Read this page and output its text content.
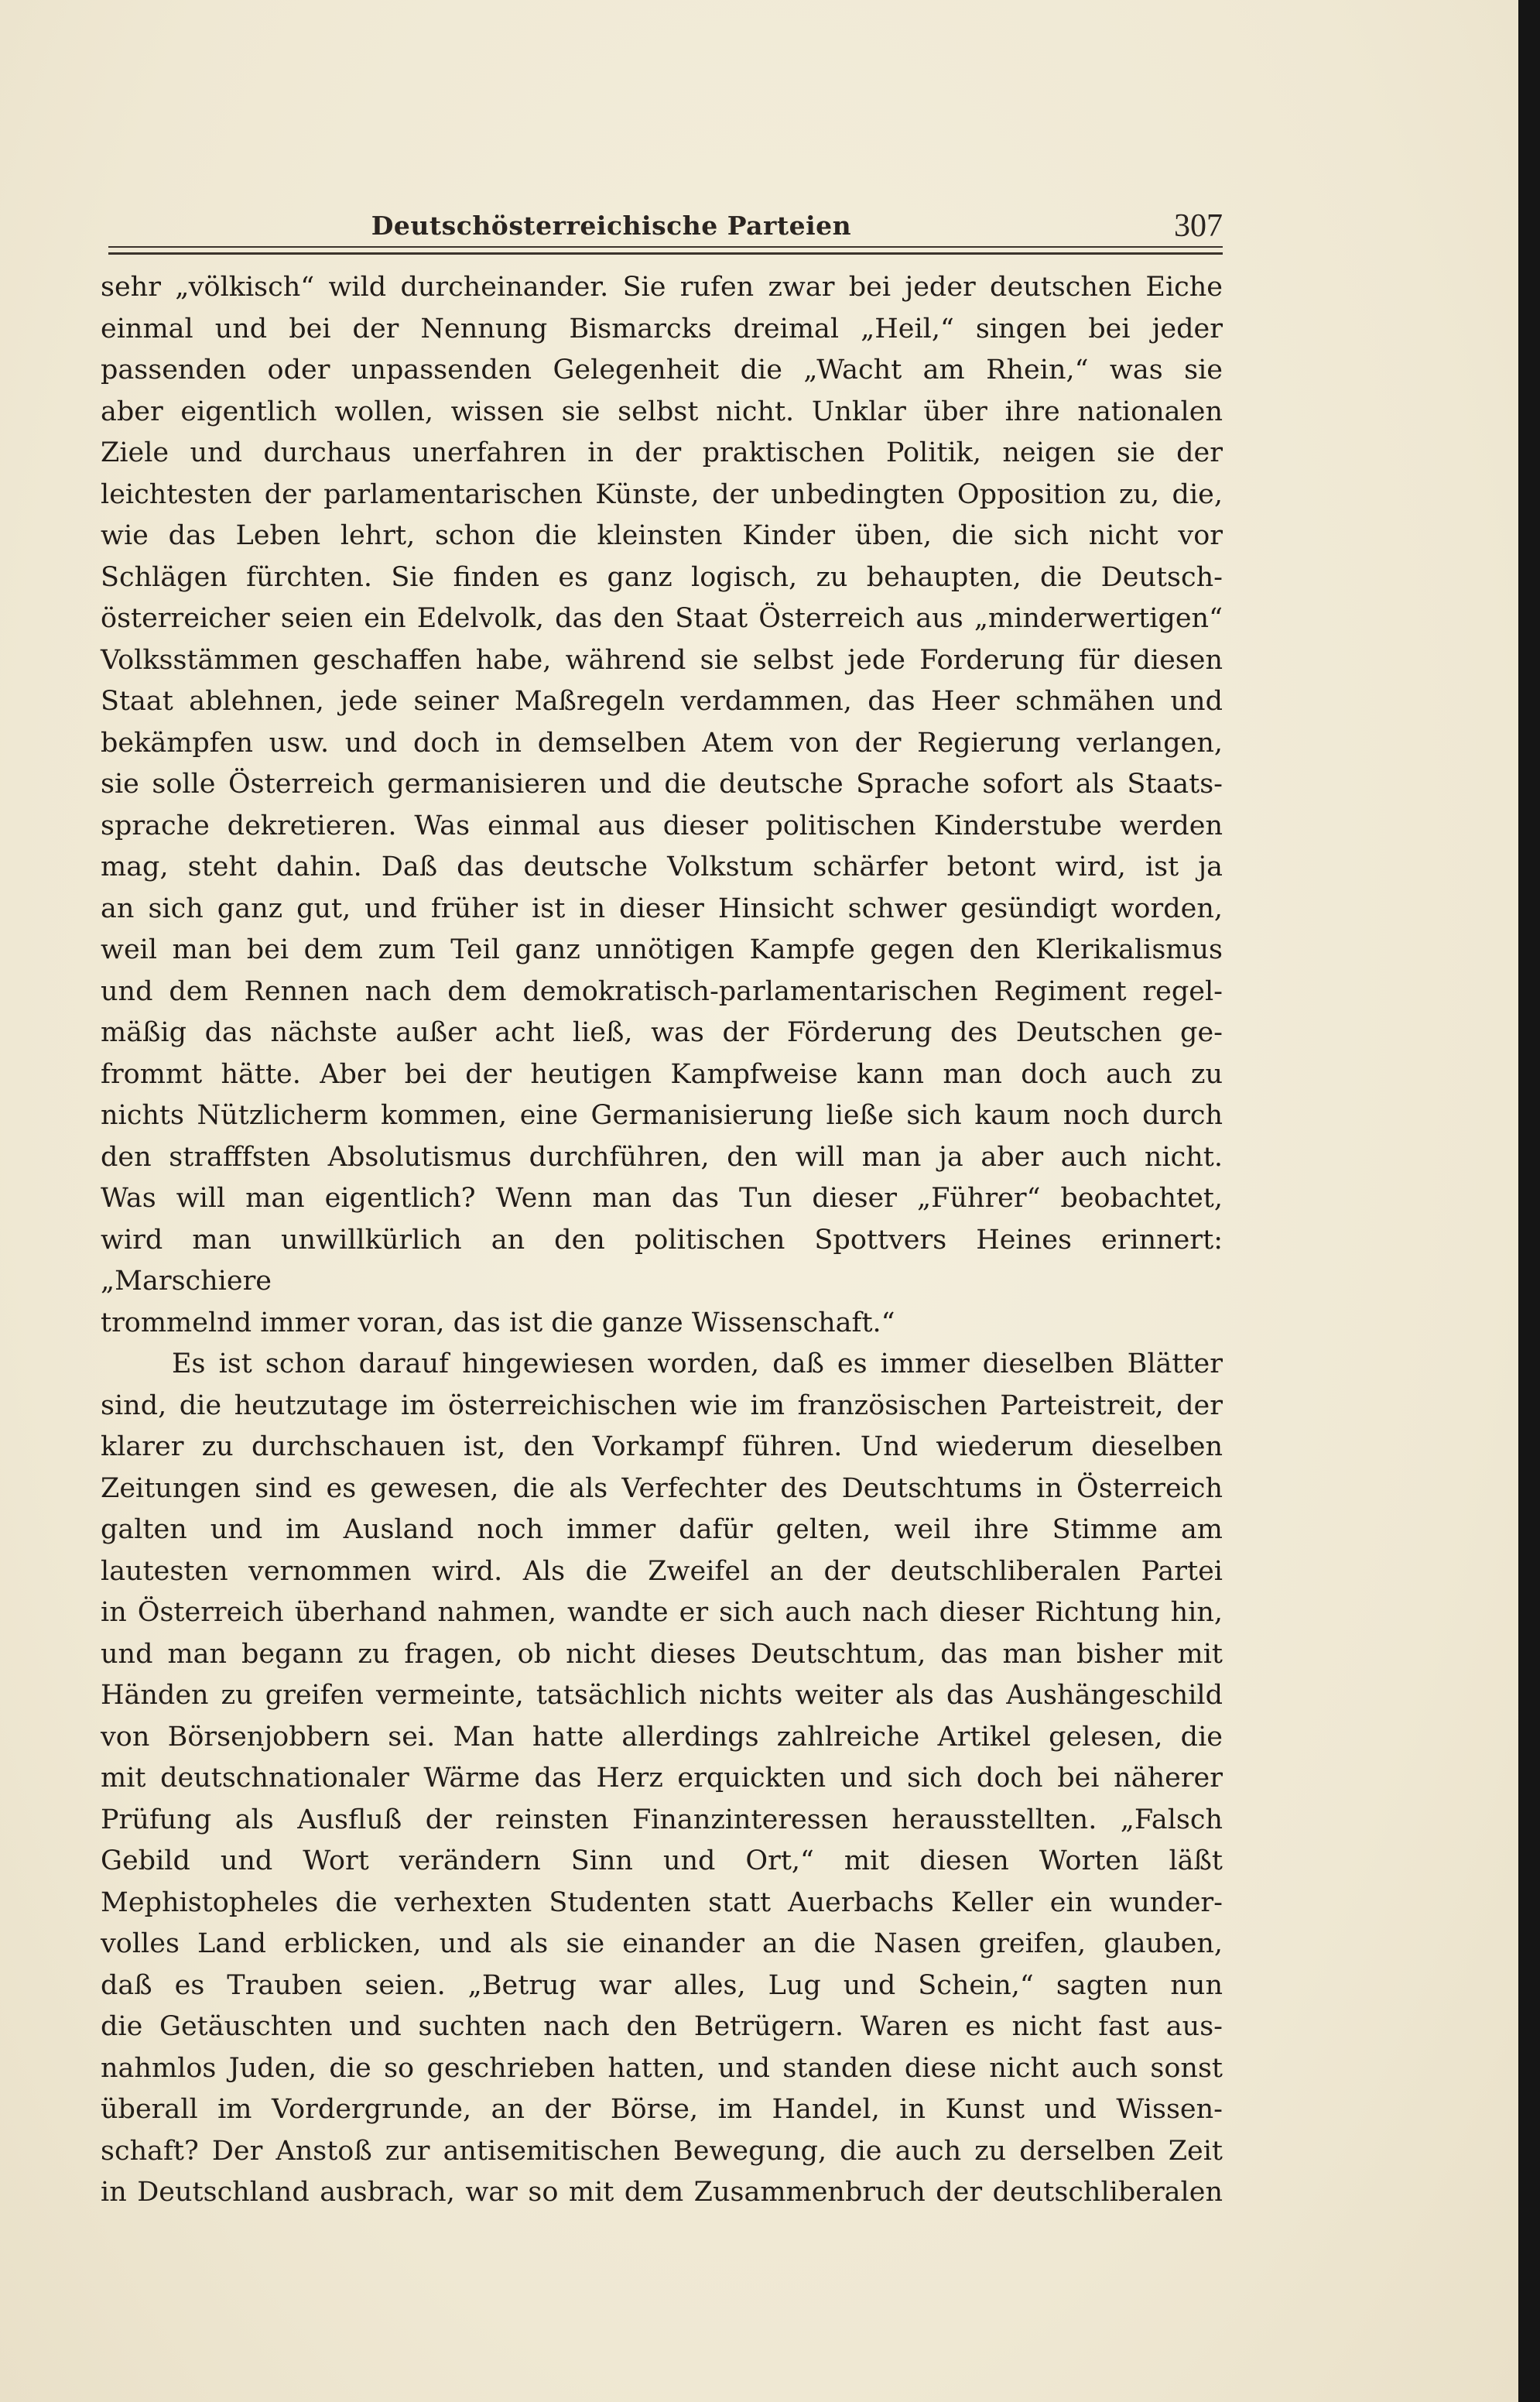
Deutschösterreichische Parteien	307

sehr „völkisch“ wild durcheinander. Sie rufen zwar bei jeder deutschen Eiche

einmal und bei der Nennung Bismarcks dreimal „Heil,“ singen bei jeder

passenden oder unpassenden Gelegenheit die „Wacht am Rhein,“ was sie

aber eigentlich wollen, wissen sie selbst nicht. Unklar über ihre nationalen

Ziele und durchaus unerfahren in der praktischen Politik, neigen sie der

leichtesten der parlamentarischen Künste, der unbedingten Opposition zu, die,

wie das Leben lehrt, schon die kleinsten Kinder üben, die sich nicht vor

Schlägen fürchten. Sie finden es ganz logisch, zu behaupten, die Deutsch-

österreicher seien ein Edelvolk, das den Staat Österreich aus „minderwertigen“

Volksstämmen geschaffen habe, während sie selbst jede Forderung für diesen

Staat ablehnen, jede seiner Maßregeln verdammen, das Heer schmähen und

bekämpfen usw. und doch in demselben Atem von der Regierung verlangen,

sie solle Österreich germanisieren und die deutsche Sprache sofort als Staats-

sprache dekretieren. Was einmal aus dieser politischen Kinderstube werden

mag, steht dahin. Daß das deutsche Volkstum schärfer betont wird, ist ja

an sich ganz gut, und früher ist in dieser Hinsicht schwer gesündigt worden,

weil man bei dem zum Teil ganz unnötigen Kampfe gegen den Klerikalismus

und dem Rennen nach dem demokratisch-parlamentarischen Regiment regel-

mäßig das nächste außer acht ließ, was der Förderung des Deutschen ge-

frommt hätte. Aber bei der heutigen Kampfweise kann man doch auch zu

nichts Nützlicherm kommen, eine Germanisierung ließe sich kaum noch durch

den strafffsten Absolutismus durchführen, den will man ja aber auch nicht.

Was will man eigentlich? Wenn man das Tun dieser „Führer“ beobachtet,

wird man unwillkürlich an den politischen Spottvers Heines erinnert: „Marschiere

trommelnd immer voran, das ist die ganze Wissenschaft.“

Es ist schon darauf hingewiesen worden, daß es immer dieselben Blätter

sind, die heutzutage im österreichischen wie im französischen Parteistreit, der

klarer zu durchschauen ist, den Vorkampf führen. Und wiederum dieselben

Zeitungen sind es gewesen, die als Verfechter des Deutschtums in Österreich

galten und im Ausland noch immer dafür gelten, weil ihre Stimme am

lautesten vernommen wird. Als die Zweifel an der deutschliberalen Partei

in Österreich überhand nahmen, wandte er sich auch nach dieser Richtung hin,

und man begann zu fragen, ob nicht dieses Deutschtum, das man bisher mit

Händen zu greifen vermeinte, tatsächlich nichts weiter als das Aushängeschild

von Börsenjobbern sei. Man hatte allerdings zahlreiche Artikel gelesen, die

mit deutschnationaler Wärme das Herz erquickten und sich doch bei näherer

Prüfung als Ausfluß der reinsten Finanzinteressen herausstellten. „Falsch

Gebild und Wort verändern Sinn und Ort,“ mit diesen Worten läßt

Mephistopheles die verhexten Studenten statt Auerbachs Keller ein wunder-

volles Land erblicken, und als sie einander an die Nasen greifen, glauben,

daß es Trauben seien. „Betrug war alles, Lug und Schein,“ sagten nun

die Getäuschten und suchten nach den Betrügern. Waren es nicht fast aus-

nahmlos Juden, die so geschrieben hatten, und standen diese nicht auch sonst

überall im Vordergrunde, an der Börse, im Handel, in Kunst und Wissen-

schaft? Der Anstoß zur antisemitischen Bewegung, die auch zu derselben Zeit

in Deutschland ausbrach, war so mit dem Zusammenbruch der deutschliberalen
